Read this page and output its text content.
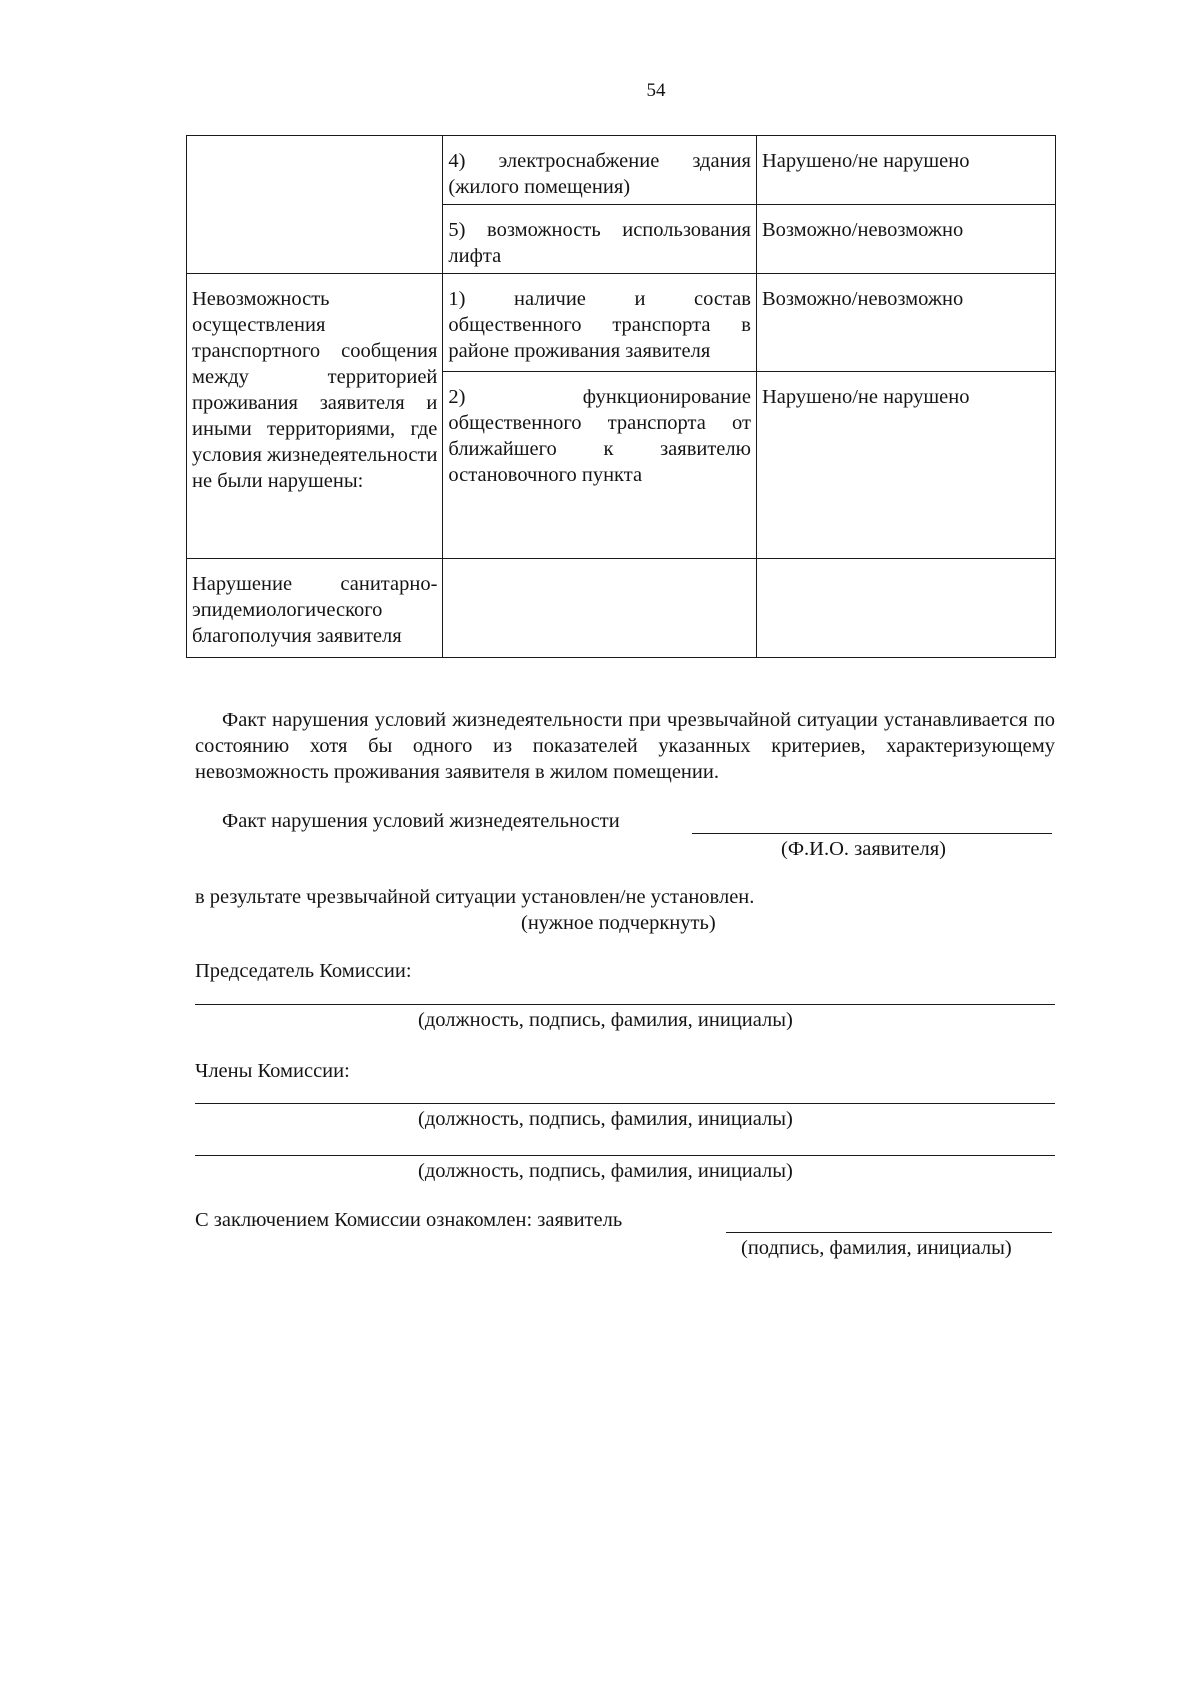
54
	4) электроснабжение здания (жилого помещения)	Нарушено/не нарушено
	5) возможность использования лифта	Возможно/невозможно
Невозможность осуществления транспортного сообщения между территорией проживания заявителя и иными территориями, где условия жизнедеятельности не были нарушены:	1) наличие и состав общественного транспорта в районе проживания заявителя	Возможно/невозможно
	2) функционирование общественного транспорта от ближайшего к заявителю остановочного пункта	Нарушено/не нарушено
Нарушение санитарно-эпидемиологического благополучия заявителя		
Факт нарушения условий жизнедеятельности при чрезвычайной ситуации устанавливается по состоянию хотя бы одного из показателей указанных критериев, характеризующему невозможность проживания заявителя в жилом помещении.
Факт нарушения условий жизнедеятельности
(Ф.И.О. заявителя)
в результате чрезвычайной ситуации установлен/не установлен.
(нужное подчеркнуть)
Председатель Комиссии:
(должность, подпись, фамилия, инициалы)
Члены Комиссии:
(должность, подпись, фамилия, инициалы)
(должность, подпись, фамилия, инициалы)
С заключением Комиссии ознакомлен: заявитель
(подпись, фамилия, инициалы)
